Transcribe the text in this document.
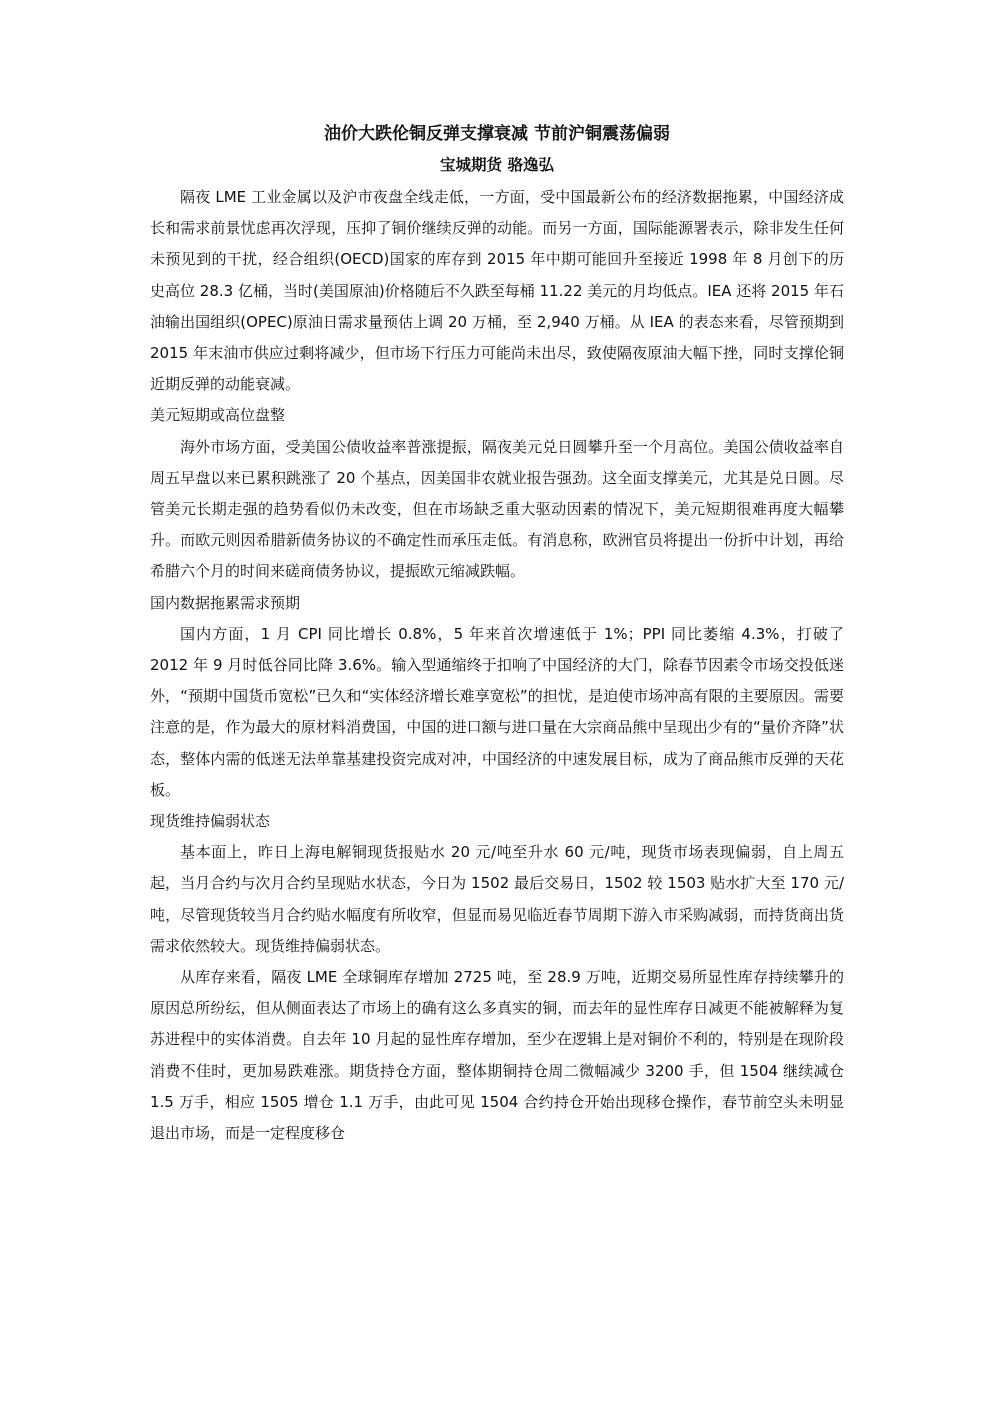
油价大跌伦铜反弹支撑衰减 节前沪铜震荡偏弱
宝城期货 骆逸弘

隔夜 LME 工业金属以及沪市夜盘全线走低，一方面，受中国最新公布的经济数据拖累，中国经济成长和需求前景忧虑再次浮现，压抑了铜价继续反弹的动能。而另一方面，国际能源署表示，除非发生任何未预见到的干扰，经合组织(OECD)国家的库存到 2015 年中期可能回升至接近 1998 年 8 月创下的历史高位 28.3 亿桶，当时(美国原油)价格随后不久跌至每桶 11.22 美元的月均低点。IEA 还将 2015 年石油输出国组织(OPEC)原油日需求量预估上调 20 万桶，至 2,940 万桶。从 IEA 的表态来看，尽管预期到 2015 年末油市供应过剩将减少，但市场下行压力可能尚未出尽，致使隔夜原油大幅下挫，同时支撑伦铜近期反弹的动能衰减。

美元短期或高位盘整

海外市场方面，受美国公债收益率普涨提振，隔夜美元兑日圆攀升至一个月高位。美国公债收益率自周五早盘以来已累积跳涨了 20 个基点，因美国非农就业报告强劲。这全面支撑美元，尤其是兑日圆。尽管美元长期走强的趋势看似仍未改变，但在市场缺乏重大驱动因素的情况下，美元短期很难再度大幅攀升。而欧元则因希腊新债务协议的不确定性而承压走低。有消息称，欧洲官员将提出一份折中计划，再给希腊六个月的时间来磋商债务协议，提振欧元缩减跌幅。

国内数据拖累需求预期

国内方面，1 月 CPI 同比增长 0.8%，5 年来首次增速低于 1%；PPI 同比萎缩 4.3%，打破了 2012 年 9 月时低谷同比降 3.6%。输入型通缩终于扣响了中国经济的大门，除春节因素令市场交投低迷外，“预期中国货币宽松”已久和“实体经济增长难享宽松”的担忧，是迫使市场冲高有限的主要原因。需要注意的是，作为最大的原材料消费国，中国的进口额与进口量在大宗商品熊中呈现出少有的“量价齐降”状态，整体内需的低迷无法单靠基建投资完成对冲，中国经济的中速发展目标，成为了商品熊市反弹的天花板。

现货维持偏弱状态

基本面上，昨日上海电解铜现货报贴水 20 元/吨至升水 60 元/吨，现货市场表现偏弱，自上周五起，当月合约与次月合约呈现贴水状态，今日为 1502 最后交易日，1502 较 1503 贴水扩大至 170 元/吨，尽管现货较当月合约贴水幅度有所收窄，但显而易见临近春节周期下游入市采购减弱，而持货商出货需求依然较大。现货维持偏弱状态。

从库存来看，隔夜 LME 全球铜库存增加 2725 吨，至 28.9 万吨，近期交易所显性库存持续攀升的原因总所纷纭，但从侧面表达了市场上的确有这么多真实的铜，而去年的显性库存日减更不能被解释为复苏进程中的实体消费。自去年 10 月起的显性库存增加，至少在逻辑上是对铜价不利的，特别是在现阶段消费不佳时，更加易跌难涨。期货持仓方面，整体期铜持仓周二微幅减少 3200 手，但 1504 继续减仓 1.5 万手，相应 1505 增仓 1.1 万手，由此可见 1504 合约持仓开始出现移仓操作，春节前空头未明显退出市场，而是一定程度移仓
